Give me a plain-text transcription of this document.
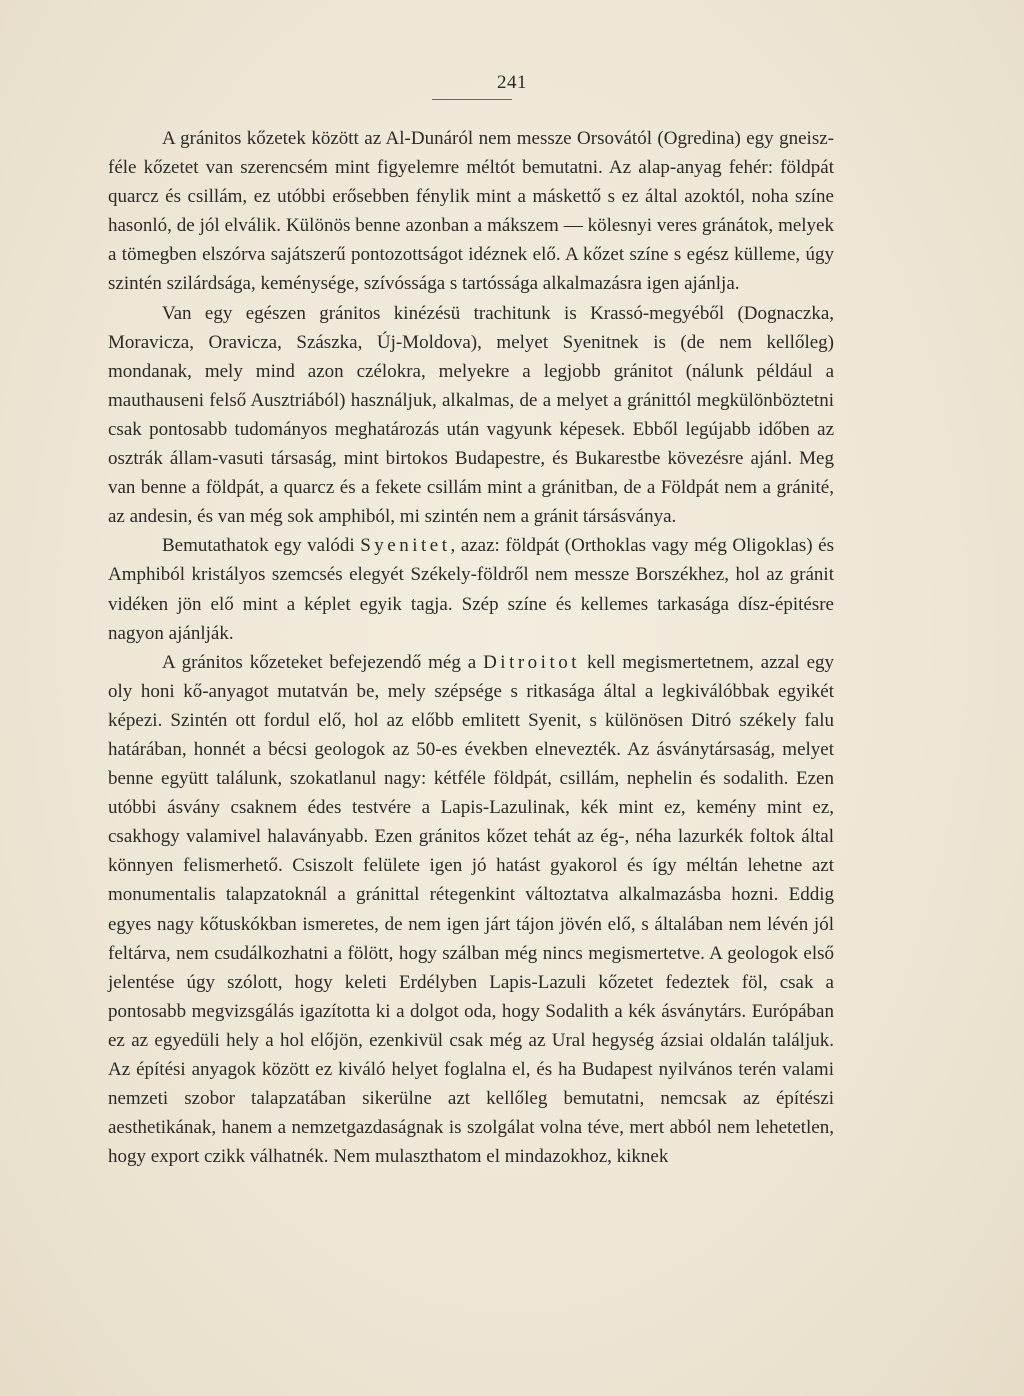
241

A gránitos kőzetek között az Al-Dunáról nem messze Orsovától (Ogredina) egy gneisz-féle kőzetet van szerencsém mint figyelemre méltót bemutatni. Az alap-anyag fehér: földpát quarcz és csillám, ez utóbbi erősebben fénylik mint a máskettő s ez által azoktól, noha színe hasonló, de jól elválik. Különös benne azonban a mákszem — kölesnyi veres gránátok, melyek a tömegben elszórva sajátszerű pontozottságot idéznek elő. A kőzet színe s egész külleme, úgy szintén szilárdsága, keménysége, szívóssága s tartóssága alkalmazásra igen ajánlja.

Van egy egészen gránitos kinézésü trachitunk is Krassó-megyéből (Dognaczka, Moravicza, Oravicza, Szászka, Új-Moldova), melyet Syenitnek is (de nem kellőleg) mondanak, mely mind azon czélokra, melyekre a legjobb gránitot (nálunk például a mauthauseni felső Ausztriából) használjuk, alkalmas, de a melyet a gránittól megkülönböztetni csak pontosabb tudományos meghatározás után vagyunk képesek. Ebből legújabb időben az osztrák állam-vasuti társaság, mint birtokos Budapestre, és Bukarestbe kövezésre ajánl. Meg van benne a földpát, a quarcz és a fekete csillám mint a gránitban, de a Földpát nem a gránité, az andesin, és van még sok amphiból, mi szintén nem a gránit társásványa.

Bemutathatok egy valódi Syenitet, azaz: földpát (Orthoklas vagy még Oligoklas) és Amphiból kristályos szemcsés elegyét Székely-földről nem messze Borszékhez, hol az gránit vidéken jön elő mint a képlet egyik tagja. Szép színe és kellemes tarkasága dísz-épitésre nagyon ajánlják.

A gránitos kőzeteket befejezendő még a Ditroitot kell megismertetnem, azzal egy oly honi kő-anyagot mutatván be, mely szépsége s ritkasága által a legkiválóbbak egyikét képezi. Szintén ott fordul elő, hol az előbb emlitett Syenit, s különösen Ditró székely falu határában, honnét a bécsi geologok az 50-es években elnevezték. Az ásványtársaság, melyet benne együtt találunk, szokatlanul nagy: kétféle földpát, csillám, nephelin és sodalith. Ezen utóbbi ásvány csaknem édes testvére a Lapis-Lazulinak, kék mint ez, kemény mint ez, csakhogy valamivel halaványabb. Ezen gránitos kőzet tehát az ég-, néha lazurkék foltok által könnyen felismerhető. Csiszolt felülete igen jó hatást gyakorol és így méltán lehetne azt monumentalis talapzatoknál a gránittal rétegenkint változtatva alkalmazásba hozni. Eddig egyes nagy kőtuskókban ismeretes, de nem igen járt tájon jövén elő, s általában nem lévén jól feltárva, nem csudálkozhatni a fölött, hogy szálban még nincs megismertetve. A geologok első jelentése úgy szólott, hogy keleti Erdélyben Lapis-Lazuli kőzetet fedeztek föl, csak a pontosabb megvizsgálás igazította ki a dolgot oda, hogy Sodalith a kék ásványtárs. Európában ez az egyedüli hely a hol előjön, ezenkivül csak még az Ural hegység ázsiai oldalán találjuk. Az építési anyagok között ez kiváló helyet foglalna el, és ha Budapest nyilvános terén valami nemzeti szobor talapzatában sikerülne azt kellőleg bemutatni, nemcsak az építészi aesthetikának, hanem a nemzetgazdaságnak is szolgálat volna téve, mert abból nem lehetetlen, hogy export czikk válhatnék. Nem mulaszthatom el mindazokhoz, kiknek
